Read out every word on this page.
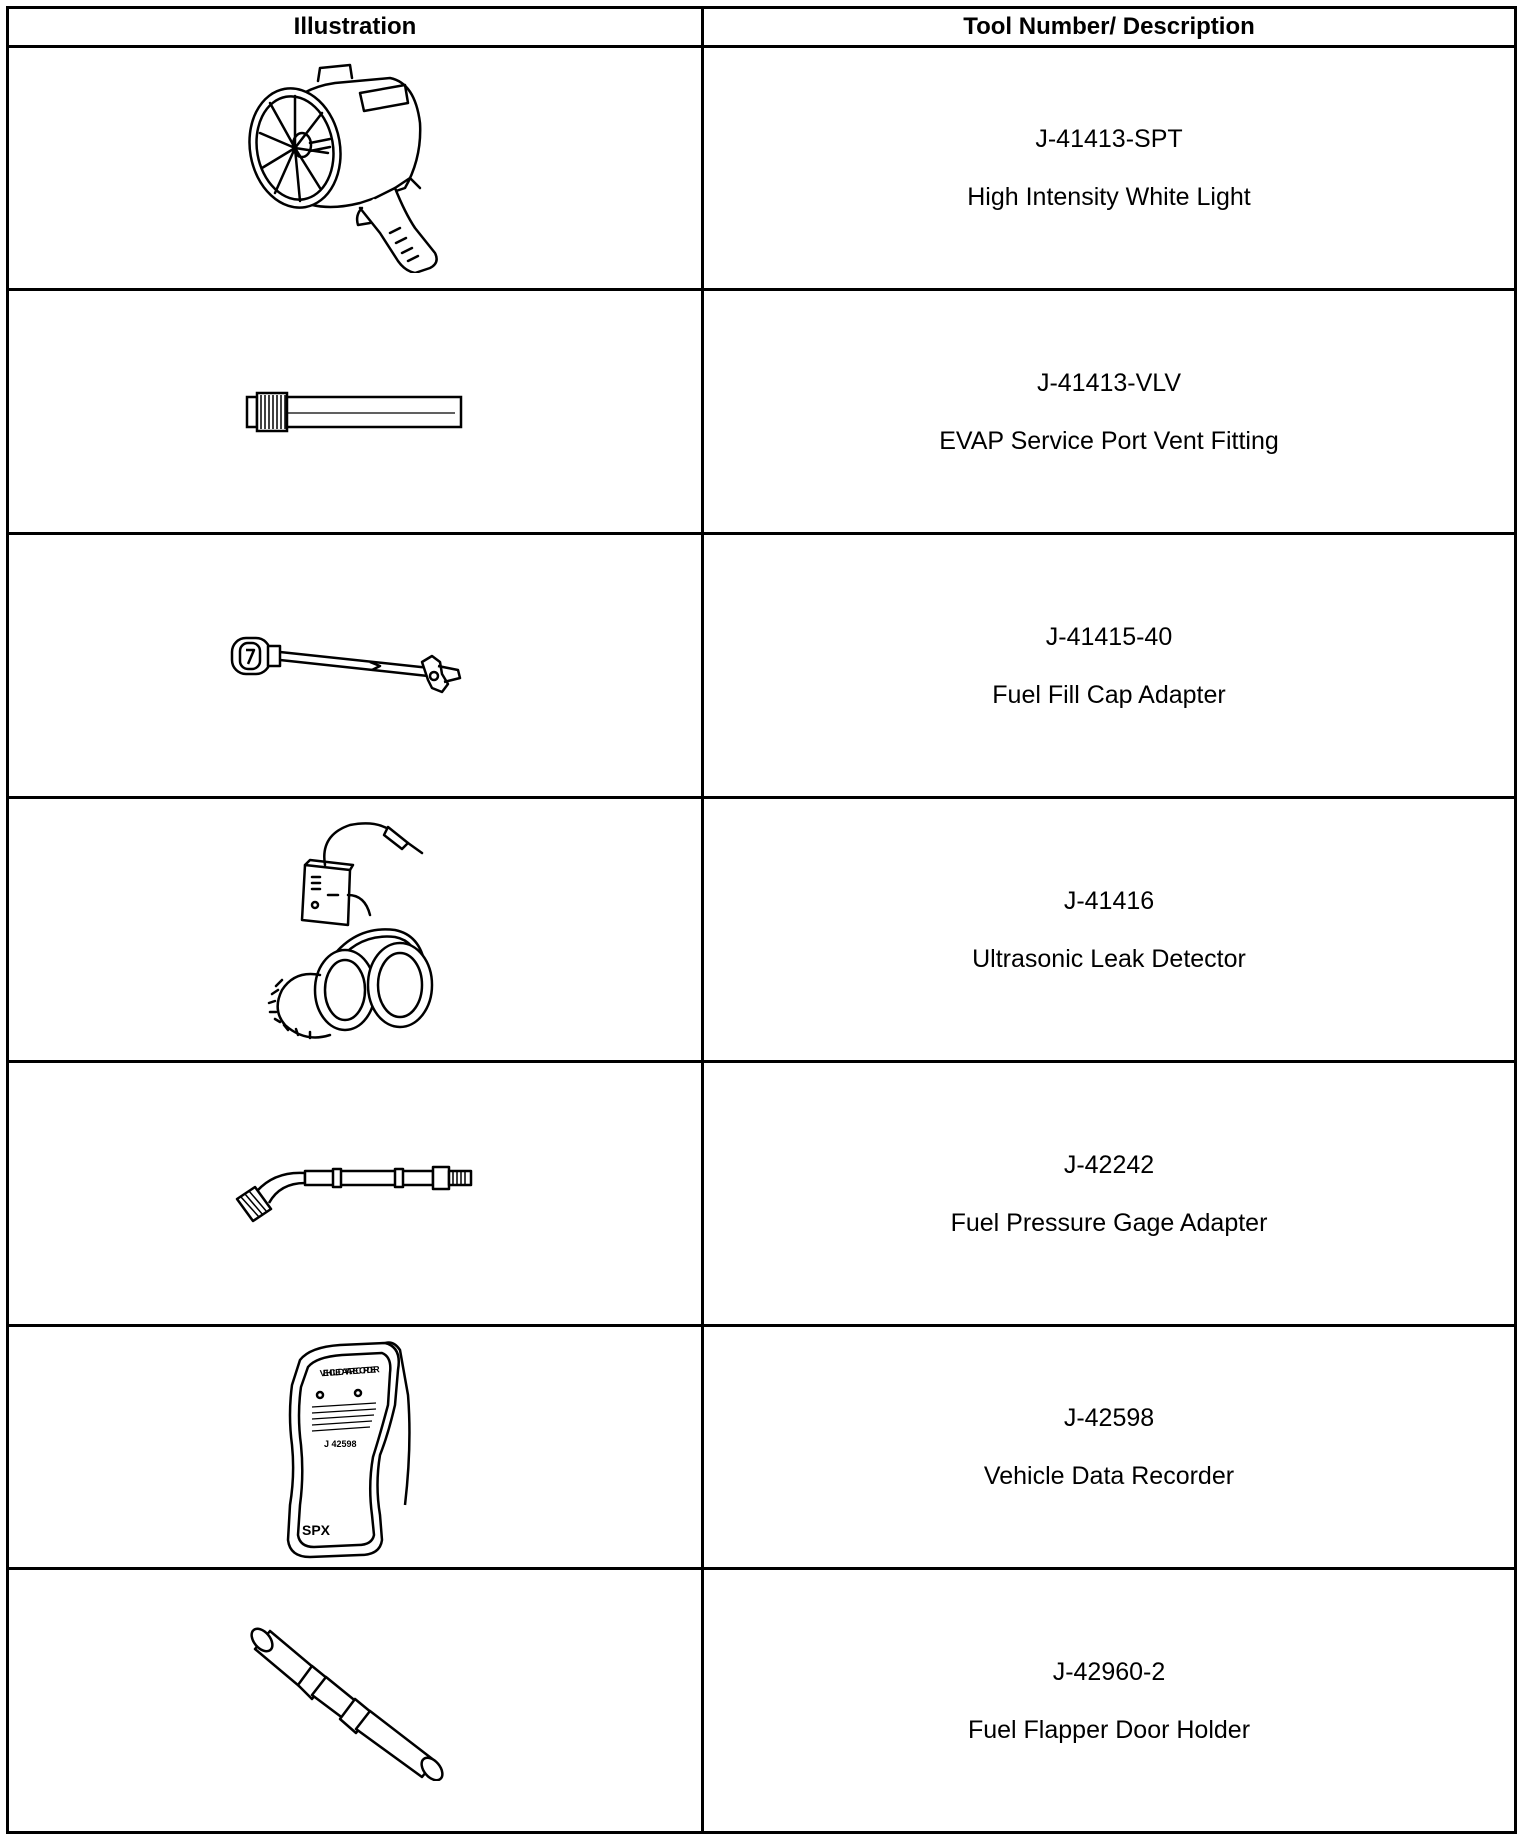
Illustration	Tool Number/ Description

J-41413-SPT
High Intensity White Light

J-41413-VLV
EVAP Service Port Vent Fitting

J-41415-40
Fuel Fill Cap Adapter

J-41416
Ultrasonic Leak Detector

J-42242
Fuel Pressure Gage Adapter

VEHICLE DATA RECORDER
J 42598
SPX	J-42598
Vehicle Data Recorder

J-42960-2
Fuel Flapper Door Holder
